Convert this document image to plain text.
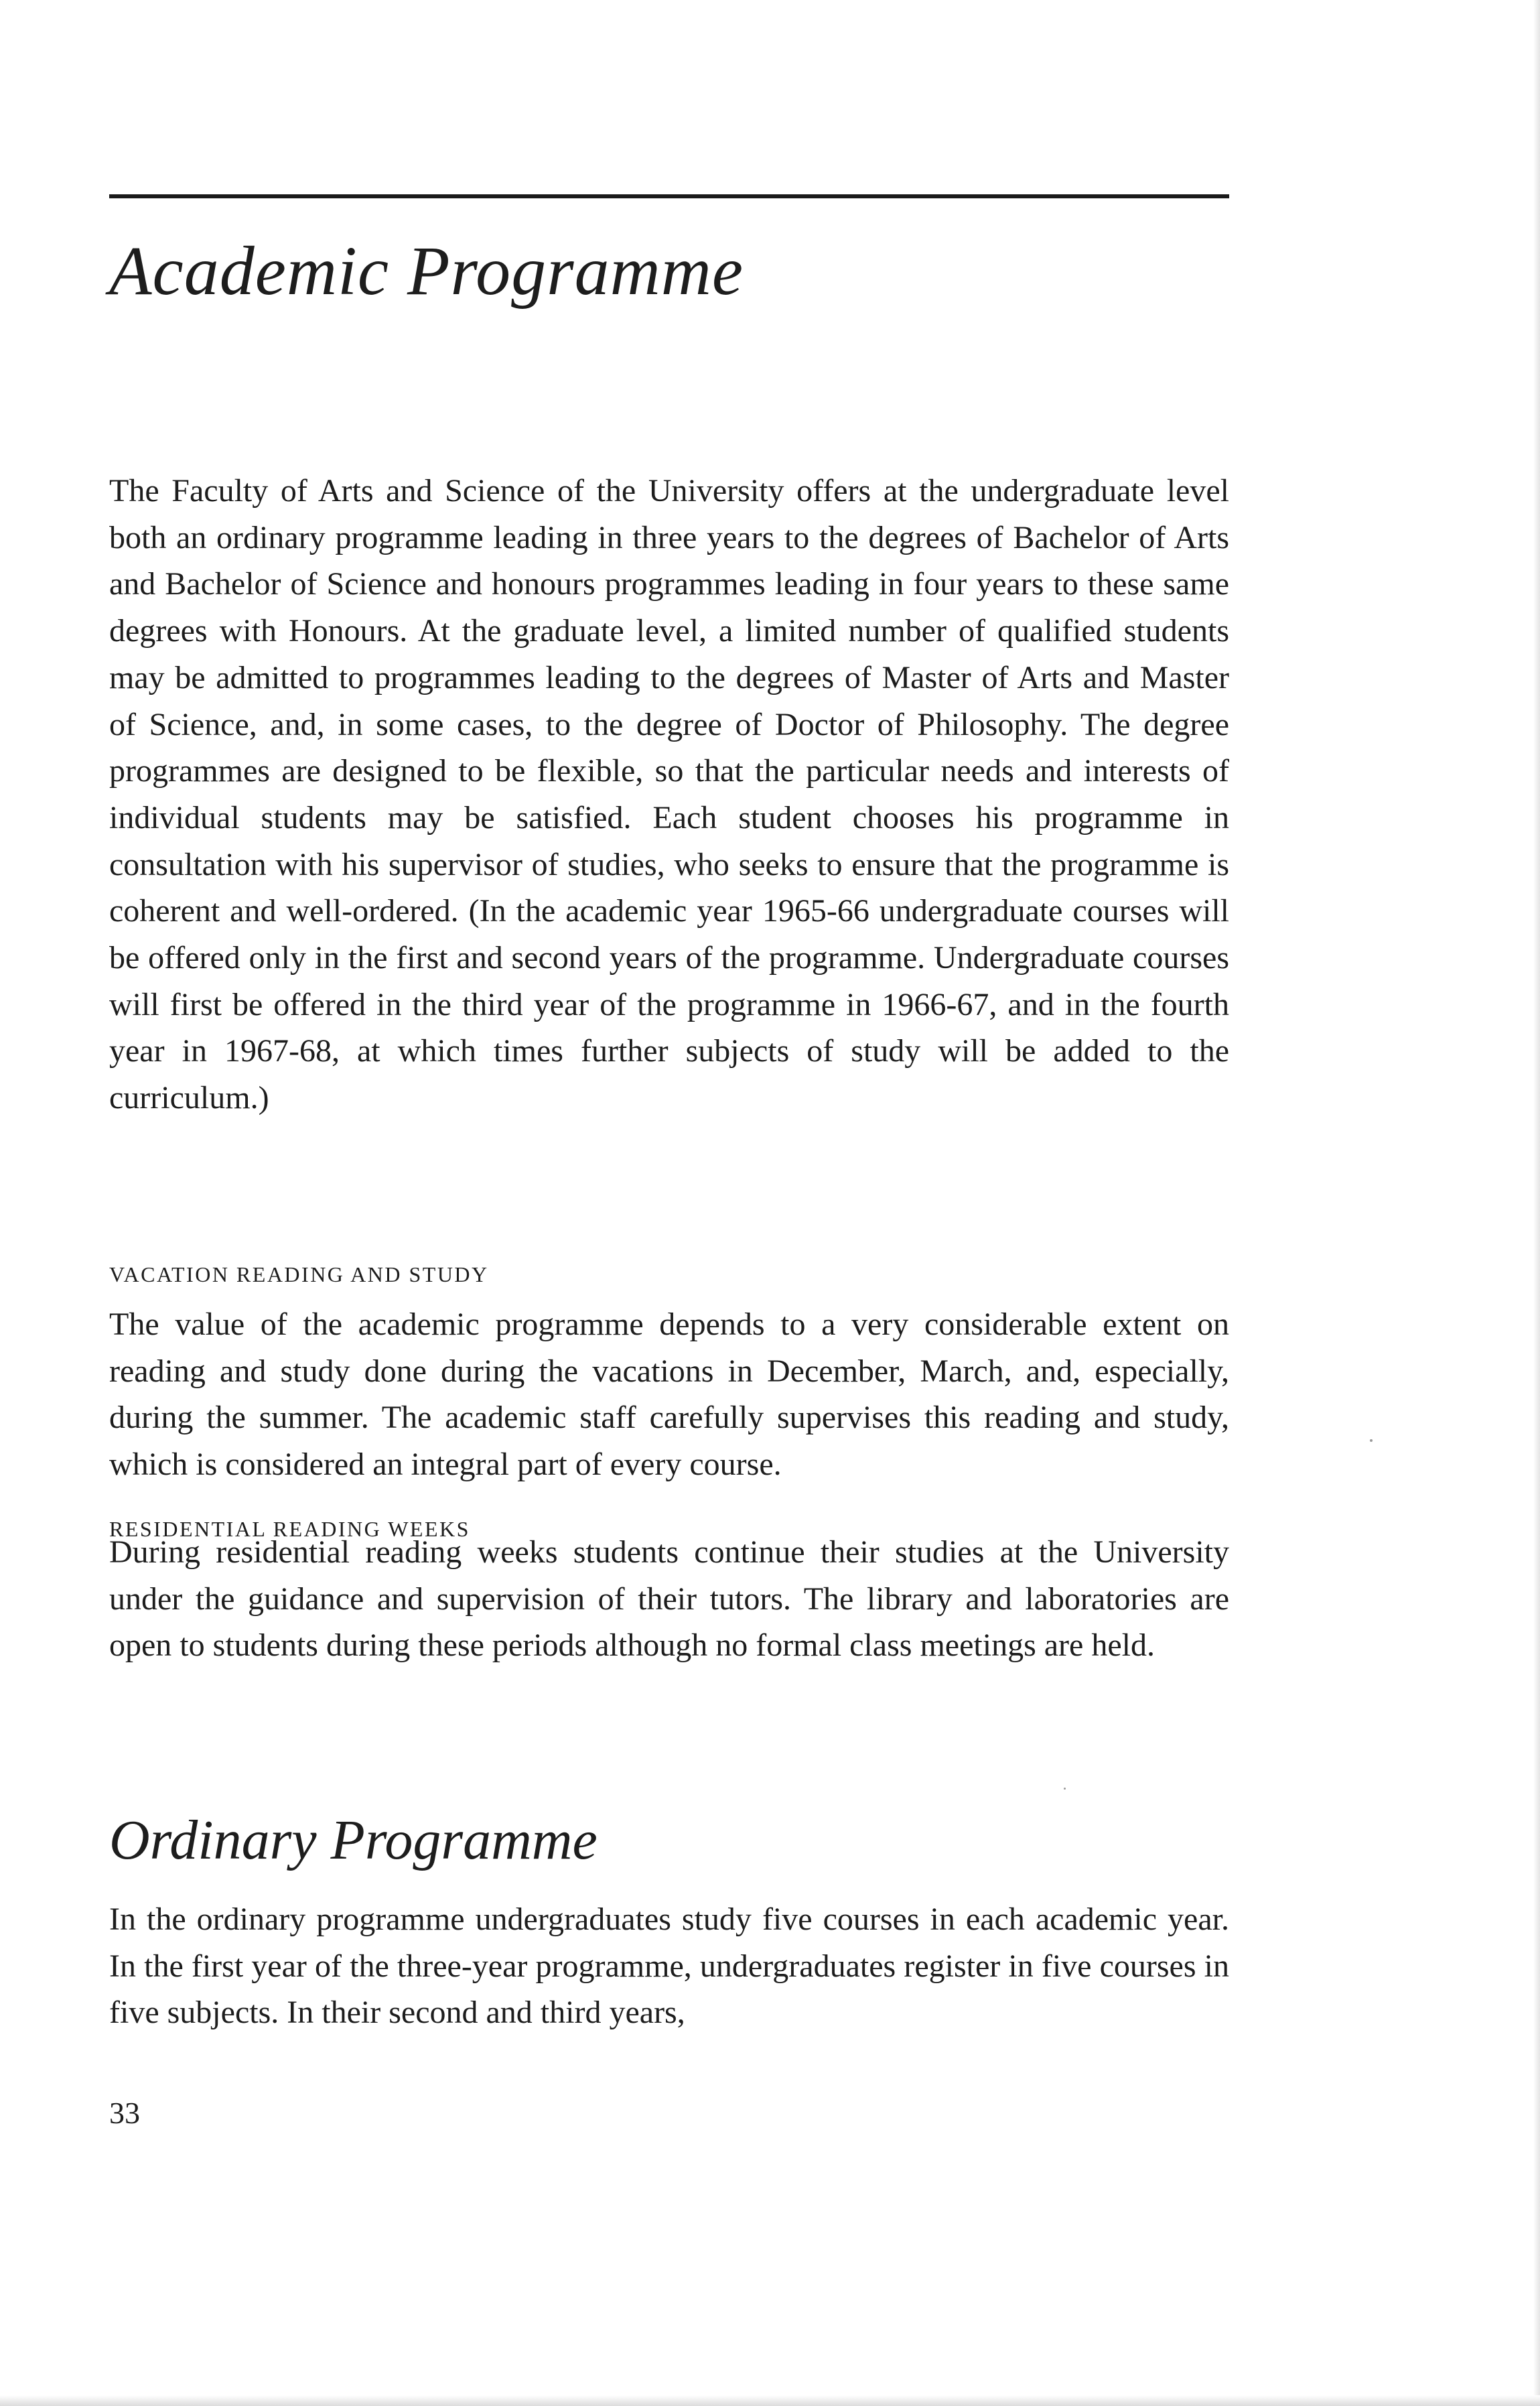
Academic Programme

The Faculty of Arts and Science of the University offers at the undergraduate level both an ordinary programme leading in three years to the degrees of Bachelor of Arts and Bachelor of Science and honours programmes leading in four years to these same degrees with Honours. At the graduate level, a limited number of qualified students may be admitted to programmes leading to the degrees of Master of Arts and Master of Science, and, in some cases, to the degree of Doctor of Philosophy. The degree programmes are designed to be flexible, so that the particular needs and interests of individual students may be satisfied. Each student chooses his programme in consultation with his supervisor of studies, who seeks to ensure that the programme is coherent and well-ordered. (In the academic year 1965-66 undergraduate courses will be offered only in the first and second years of the programme. Undergraduate courses will first be offered in the third year of the programme in 1966-67, and in the fourth year in 1967-68, at which times further subjects of study will be added to the curriculum.)

VACATION READING AND STUDY

The value of the academic programme depends to a very considerable extent on reading and study done during the vacations in December, March, and, especially, during the summer. The academic staff carefully supervises this reading and study, which is considered an integral part of every course.

RESIDENTIAL READING WEEKS

During residential reading weeks students continue their studies at the University under the guidance and supervision of their tutors. The library and laboratories are open to students during these periods although no formal class meetings are held.

Ordinary Programme

In the ordinary programme undergraduates study five courses in each academic year. In the first year of the three-year programme, undergraduates register in five courses in five subjects. In their second and third years,

33
